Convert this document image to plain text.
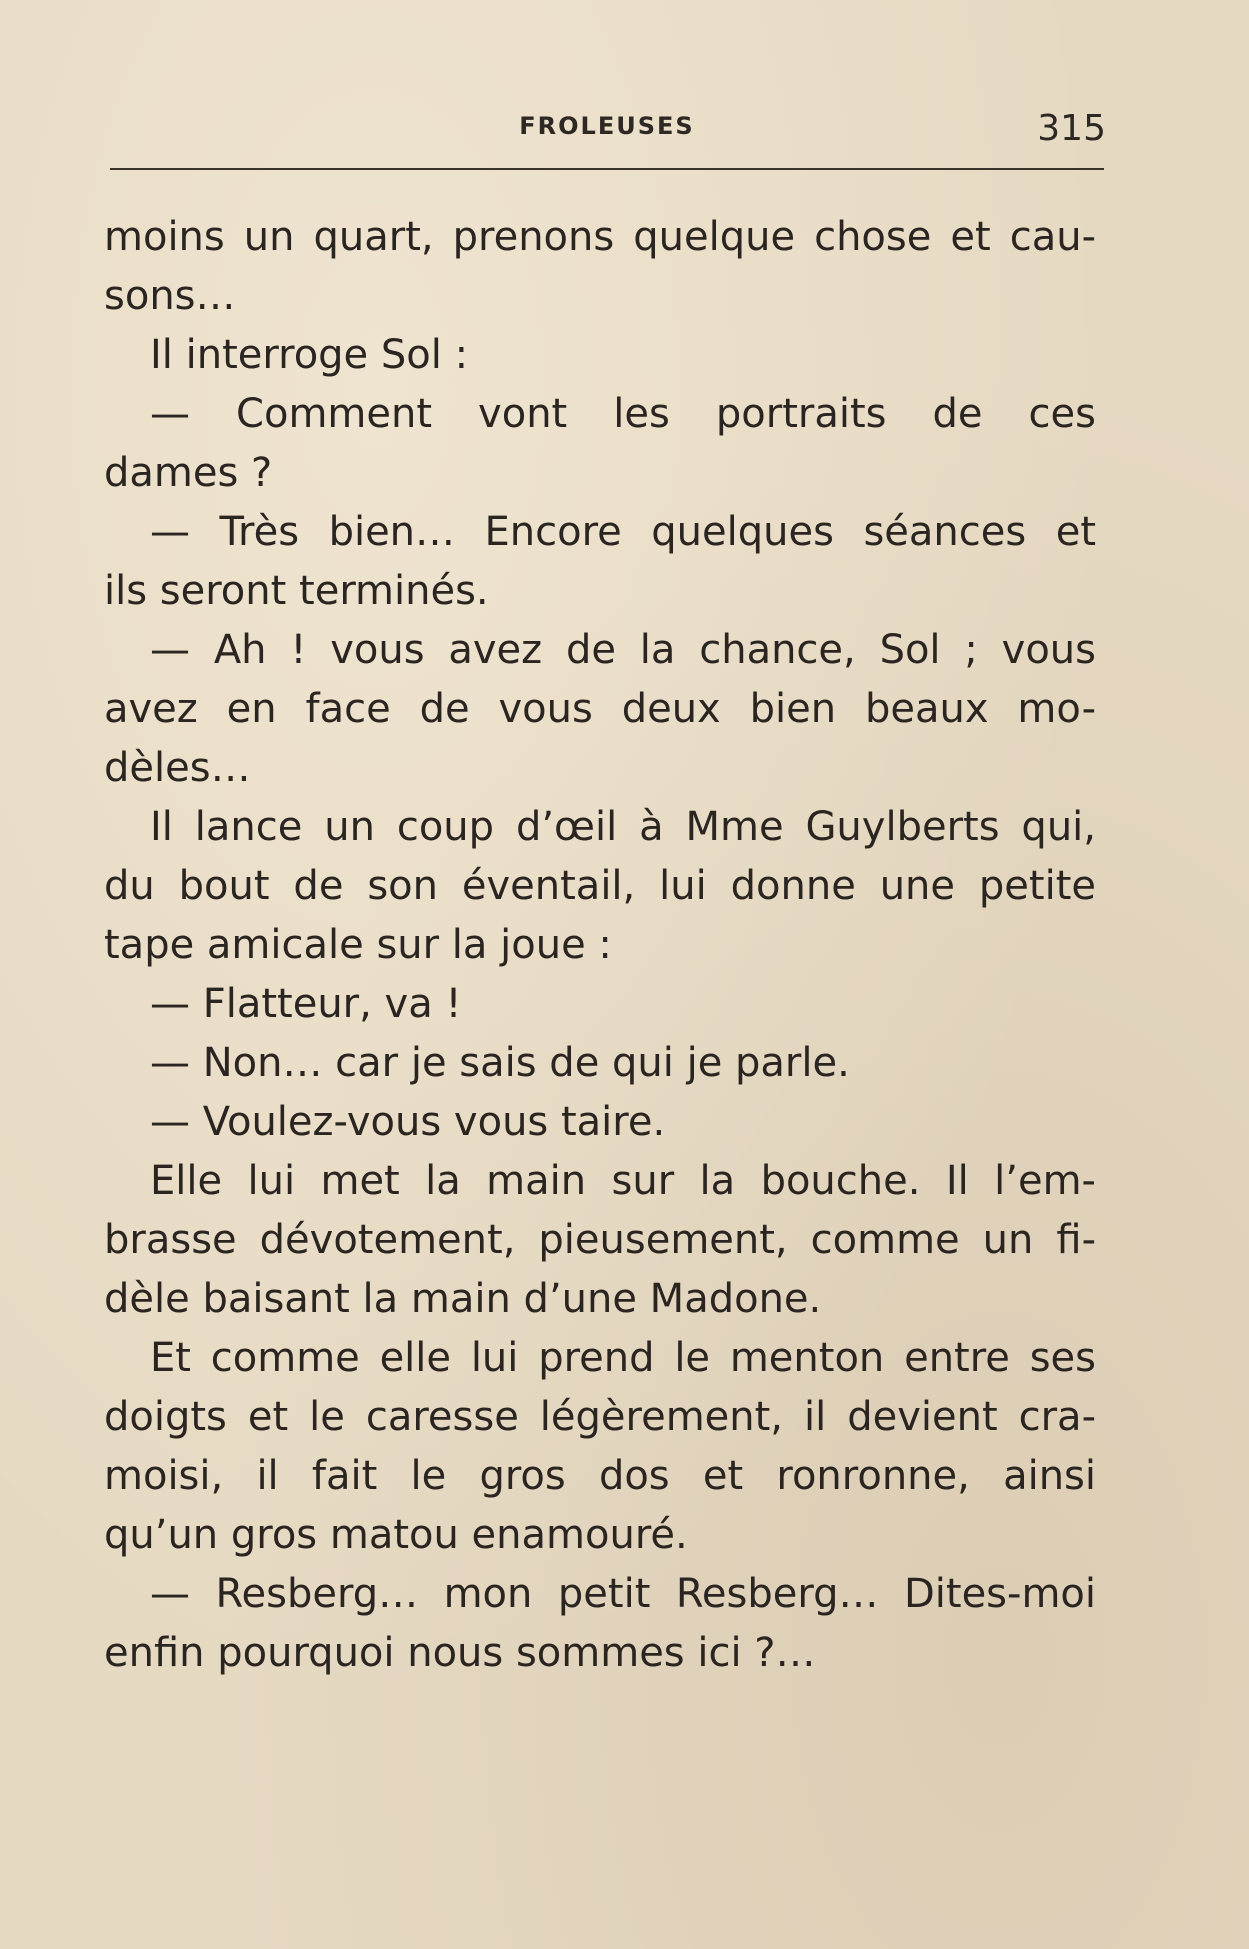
FROLEUSES	315
moins un quart, prenons quelque chose et cau-
sons…
Il interroge Sol :
— Comment vont les portraits de ces
dames ?
— Très bien… Encore quelques séances et
ils seront terminés.
— Ah ! vous avez de la chance, Sol ; vous
avez en face de vous deux bien beaux mo-
dèles…
Il lance un coup d’œil à Mme Guylberts qui,
du bout de son éventail, lui donne une petite
tape amicale sur la joue :
— Flatteur, va !
— Non… car je sais de qui je parle.
— Voulez-vous vous taire.
Elle lui met la main sur la bouche. Il l’em-
brasse dévotement, pieusement, comme un fi-
dèle baisant la main d’une Madone.
Et comme elle lui prend le menton entre ses
doigts et le caresse légèrement, il devient cra-
moisi, il fait le gros dos et ronronne, ainsi
qu’un gros matou enamouré.
— Resberg… mon petit Resberg… Dites-moi
enfin pourquoi nous sommes ici ?…
